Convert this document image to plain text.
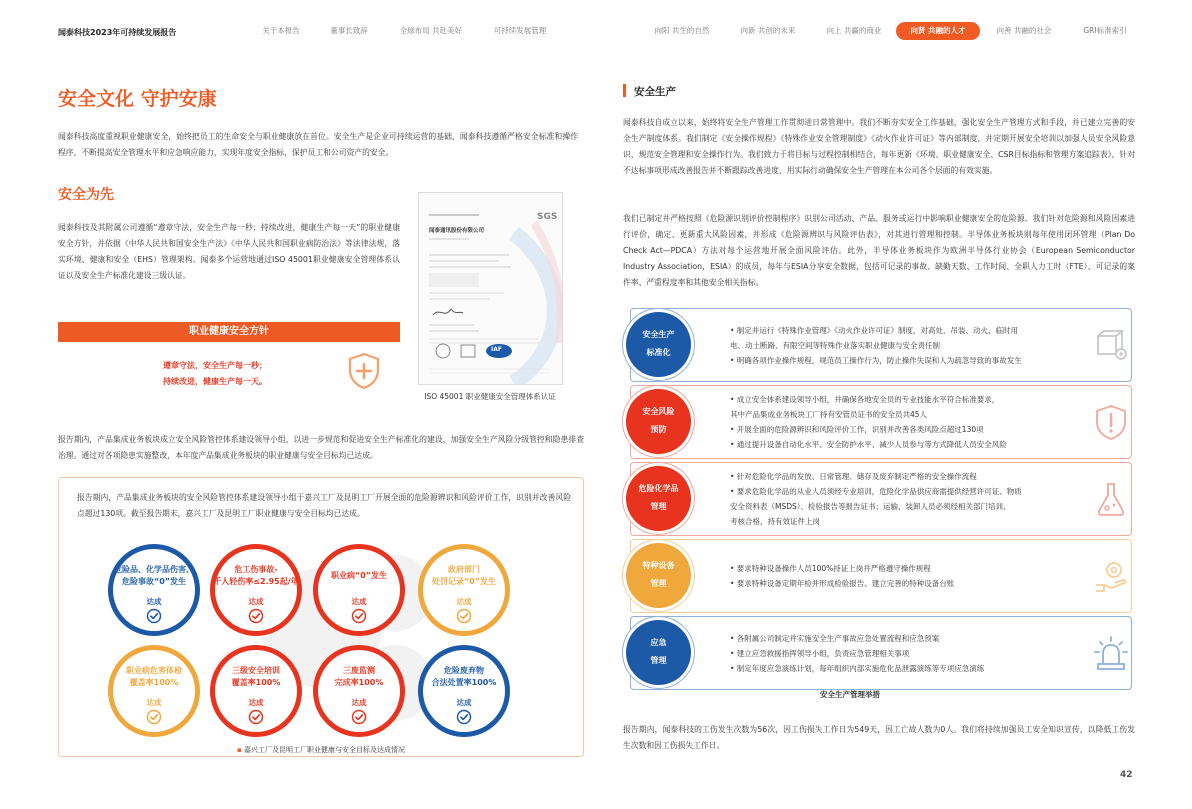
闻泰科技2023年可持续发展报告	关于本报告	董事长致辞	全球布局 共赴美好	可持续发展管理	向阳 共生的自然	向新 共创的未来	向上 共赢的商业	向贤 共融的人才	向善 共融的社会	GRI标准索引
安全文化 守护安康
闻泰科技高度重视职业健康安全，始终把员工的生命安全与职业健康放在首位。安全生产是企业可持续运营的基础，闻泰科技遵循严格安全标准和操作程序，不断提高安全管理水平和应急响应能力，实现年度安全指标，保护员工和公司资产的安全。
安全为先
闻泰科技及其附属公司遵循“遵章守法，安全生产每一秒；持续改进，健康生产每一天”的职业健康安全方针，并依据《中华人民共和国安全生产法》《中华人民共和国职业病防治法》等法律法规，落实环境、健康和安全（EHS）管理架构。闻泰多个运营地通过ISO 45001职业健康安全管理体系认证以及安全生产标准化建设三级认证。
职业健康安全方针
遵章守法，安全生产每一秒；
持续改进，健康生产每一天。
SGS
闻泰通讯股份有限公司
IAF
ISO 45001 职业健康安全管理体系认证
报告期内，产品集成业务板块成立安全风险管控体系建设领导小组，以进一步规范和促进安全生产标准化的建设，加强安全生产风险分级管控和隐患排查治理。通过对各项隐患实施整改，本年度产品集成业务板块的职业健康与安全目标均已达成。
报告期内，产品集成业务板块的安全风险管控体系建设领导小组于嘉兴工厂及昆明工厂开展全面的危险源辨识和风险评价工作，识别并改善风险点超过130项。截至报告期末，嘉兴工厂及昆明工厂职业健康与安全目标均已达成。
危险品、化学品伤害、
危险事故“0”发生
达成
危工伤事故-
千人轻伤率≤2.95起/年
达成
职业病“0”发生
达成
政府部门
处罚记录“0”发生
达成
职业病危害体检
覆盖率100%
达成
三级安全培训
覆盖率100%
达成
三废监测
完成率100%
达成
危险废弃物
合法处置率100%
达成
▪ 嘉兴工厂及昆明工厂职业健康与安全目标及达成情况
安全生产
闻泰科技自成立以来，始终将安全生产管理工作贯彻进日常管理中。我们不断夯实安全工作基础，强化安全生产管理方式和手段，并已建立完善的安全生产制度体系。我们制定《安全操作规程》《特殊作业安全管理制度》《动火作业许可证》等内部制度，并定期开展安全培训以加强人员安全风险意识，规范安全管理和安全操作行为。我们致力于将目标与过程控制相结合，每年更新《环境、职业健康安全、CSR目标指标和管理方案追踪表》，针对不达标事项形成改善报告并不断跟踪改善进度，用实际行动确保安全生产管理在本公司各个层面的有效实施。
我们已制定并严格按照《危险源识别评价控制程序》识别公司活动、产品、服务或运行中影响职业健康安全的危险源。我们针对危险源和风险因素进行评价，确定、更新重大风险因素，并形成《危险源辨识与风险评估表》，对其进行管理和控制。半导体业务板块则每年使用闭环管理（Plan Do Check Act—PDCA）方法对每个运营地开展全面风险评估。此外，半导体业务板块作为欧洲半导体行业协会（European Semiconductor Industry Association，ESIA）的成员，每年与ESIA分享安全数据，包括可记录的事故、缺勤天数、工作时间、全职人力工时（FTE）、可记录的案件率、严重程度率和其他安全相关指标。
安全生产
标准化
• 制定并运行《特殊作业管理》《动火作业许可证》制度，对高处、吊装、动火、临时用
电、动土断路、有限空间等特殊作业落实职业健康与安全责任制
• 明确各项作业操作规程，规范员工操作行为，防止操作失误和人为疏忽导致的事故发生
安全风险
预防
• 成立安全体系建设领导小组，并确保各地安全员的专业技能水平符合标准要求，
其中产品集成业务板块工厂持有安管员证书的安全员共45人
• 开展全面的危险源辨识和风险评价工作，识别并改善各类风险点超过130项
• 通过提升设备自动化水平、安全防护水平、减少人员参与等方式降低人员安全风险
危险化学品
管理
• 针对危险化学品的发放、日常管理、储存及废弃制定严格的安全操作流程
• 要求危险化学品的从业人员须经专业培训，危险化学品供应商需提供经营许可证、物质
安全资料表（MSDS）、检验报告等报告证书；运输、装卸人员必须经相关部门培训、
考核合格，持有效证件上岗
特种设备
管理
• 要求特种设备操作人员100%持证上岗并严格遵守操作规程
• 要求特种设备定期年检并形成检验报告、建立完善的特种设备台账
应急
管理
• 各附属公司制定并实施安全生产事故应急处置流程和应急预案
• 建立应急救援指挥领导小组，负责应急管理相关事项
• 制定年度应急演练计划，每年组织内部实施危化品泄露演练等专项应急演练
安全生产管理举措
报告期内，闻泰科技的工伤发生次数为56次，因工伤损失工作日为549天，因工亡故人数为0人。我们将持续加强员工安全知识宣传，以降低工伤发生次数和因工伤损失工作日。
42
